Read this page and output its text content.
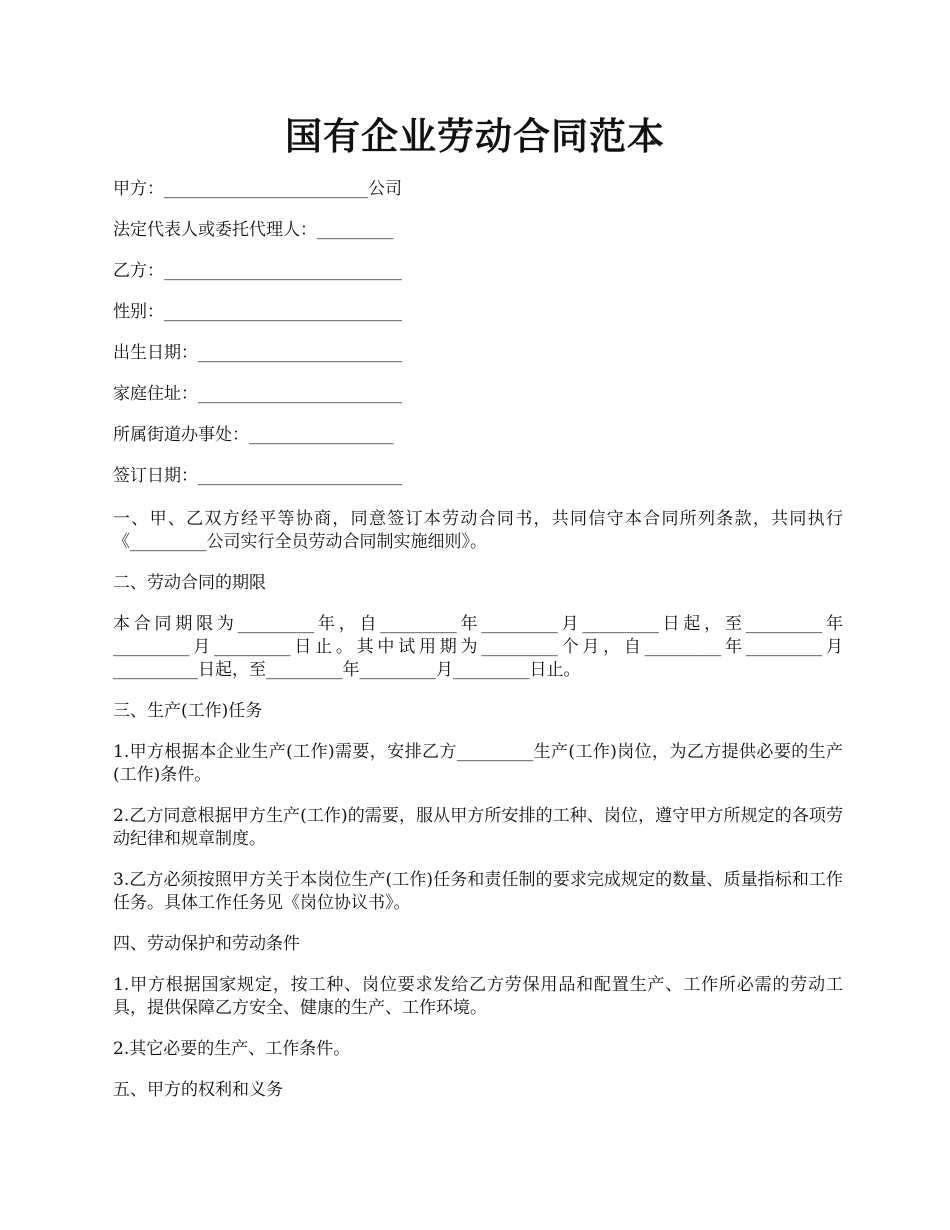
国有企业劳动合同范本
甲方：________________________公司
法定代表人或委托代理人：_________
乙方：____________________________
性别：____________________________
出生日期：________________________
家庭住址：________________________
所属街道办事处：_________________
签订日期：________________________

一、甲、乙双方经平等协商，同意签订本劳动合同书，共同信守本合同所列条款，共同执行《_________公司实行全员劳动合同制实施细则》。

二、劳动合同的期限

本合同期限为_________年，自_________年_________月_________日起，至_________年_________月_________日止。其中试用期为_________个月，自_________年_________月__________日起，至_________年_________月_________日止。

三、生产(工作)任务

1.甲方根据本企业生产(工作)需要，安排乙方_________生产(工作)岗位，为乙方提供必要的生产(工作)条件。

2.乙方同意根据甲方生产(工作)的需要，服从甲方所安排的工种、岗位，遵守甲方所规定的各项劳动纪律和规章制度。

3.乙方必须按照甲方关于本岗位生产(工作)任务和责任制的要求完成规定的数量、质量指标和工作任务。具体工作任务见《岗位协议书》。

四、劳动保护和劳动条件

1.甲方根据国家规定，按工种、岗位要求发给乙方劳保用品和配置生产、工作所必需的劳动工具，提供保障乙方安全、健康的生产、工作环境。

2.其它必要的生产、工作条件。

五、甲方的权利和义务
